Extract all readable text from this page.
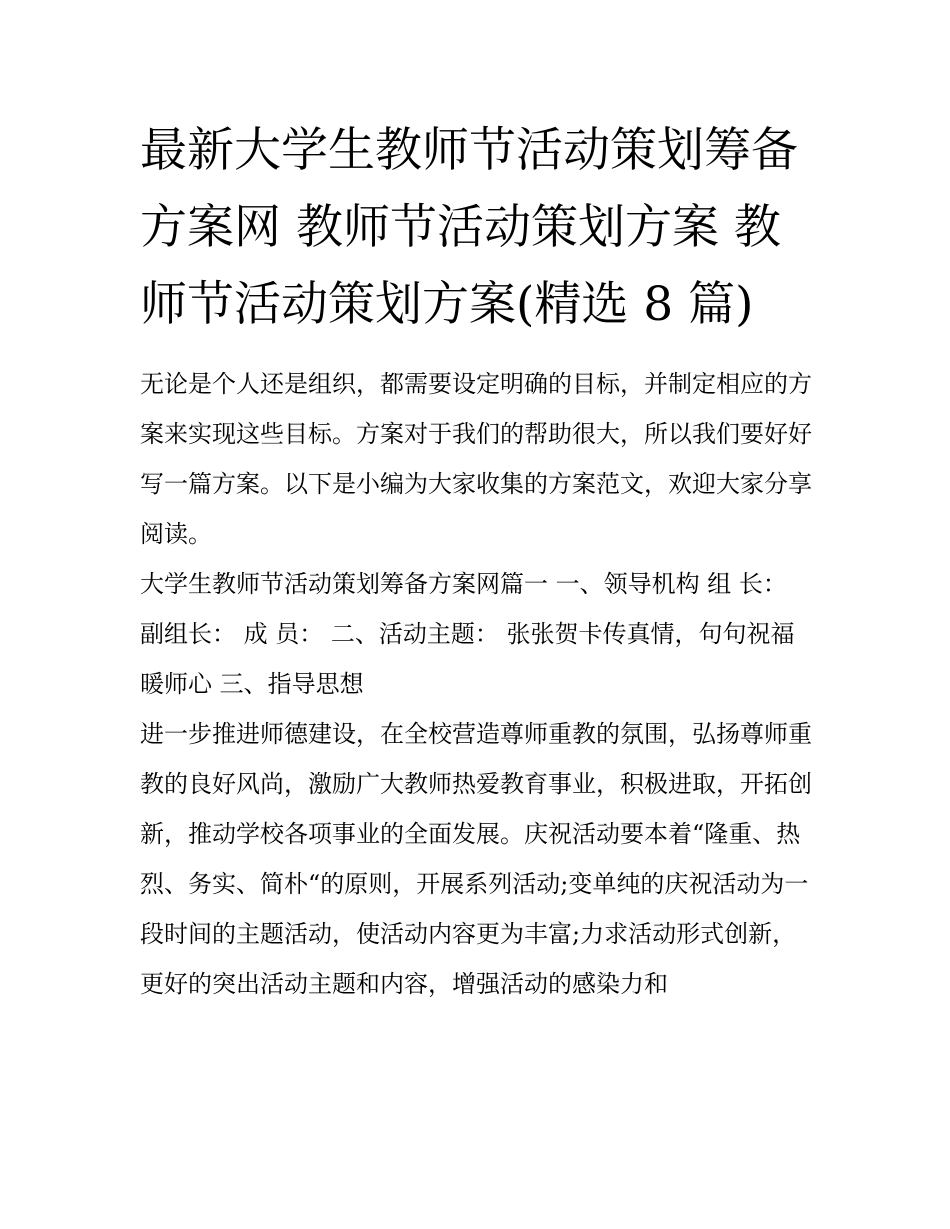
最新大学生教师节活动策划筹备方案网 教师节活动策划方案 教师节活动策划方案(精选 8 篇)

无论是个人还是组织，都需要设定明确的目标，并制定相应的方案来实现这些目标。方案对于我们的帮助很大，所以我们要好好写一篇方案。以下是小编为大家收集的方案范文，欢迎大家分享阅读。

大学生教师节活动策划筹备方案网篇一 一、领导机构 组 长： 副组长： 成 员： 二、活动主题： 张张贺卡传真情，句句祝福暖师心 三、指导思想

进一步推进师德建设，在全校营造尊师重教的氛围，弘扬尊师重教的良好风尚，激励广大教师热爱教育事业，积极进取，开拓创新，推动学校各项事业的全面发展。庆祝活动要本着“隆重、热烈、务实、简朴“的原则，开展系列活动;变单纯的庆祝活动为一段时间的主题活动，使活动内容更为丰富;力求活动形式创新，更好的突出活动主题和内容，增强活动的感染力和
